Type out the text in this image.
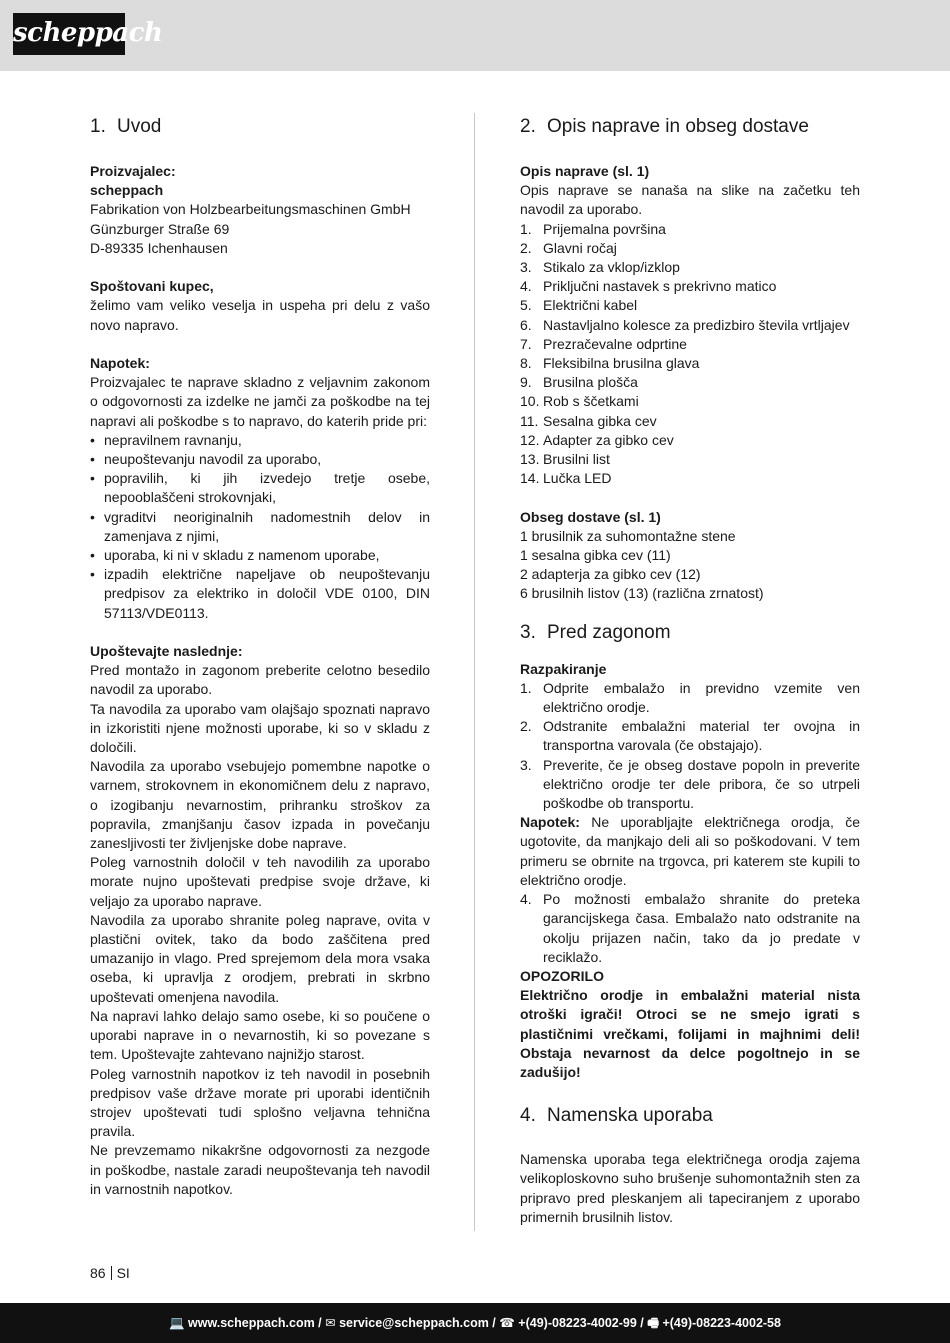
scheppach
1. Uvod

Proizvajalec:

scheppach

Fabrikation von Holzbearbeitungsmaschinen GmbH

Günzburger Straße 69

D-89335 Ichenhausen

Spoštovani kupec,

želimo vam veliko veselja in uspeha pri delu z vašo novo napravo.

Napotek:

Proizvajalec te naprave skladno z veljavnim zakonom o odgovornosti za izdelke ne jamči za poškodbe na tej napravi ali poškodbe s to napravo, do katerih pride pri:

• nepravilnem ravnanju,
• neupoštevanju navodil za uporabo,
• popravilih, ki jih izvedejo tretje osebe, nepooblaščeni strokovnjaki,
• vgraditvi neoriginalnih nadomestnih delov in zamenjava z njimi,
• uporaba, ki ni v skladu z namenom uporabe,
• izpadih električne napeljave ob neupoštevanju predpisov za elektriko in določil VDE 0100, DIN 57113/VDE0113.

Upoštevajte naslednje:

Pred montažo in zagonom preberite celotno besedilo navodil za uporabo.

Ta navodila za uporabo vam olajšajo spoznati napravo in izkoristiti njene možnosti uporabe, ki so v skladu z določili.

Navodila za uporabo vsebujejo pomembne napotke o varnem, strokovnem in ekonomičnem delu z napravo, o izogibanju nevarnostim, prihranku stroškov za popravila, zmanjšanju časov izpada in povečanju zanesljivosti ter življenjske dobe naprave.

Poleg varnostnih določil v teh navodilih za uporabo morate nujno upoštevati predpise svoje države, ki veljajo za uporabo naprave.

Navodila za uporabo shranite poleg naprave, ovita v plastični ovitek, tako da bodo zaščitena pred umazanijo in vlago. Pred sprejemom dela mora vsaka oseba, ki upravlja z orodjem, prebrati in skrbno upoštevati omenjena navodila.

Na napravi lahko delajo samo osebe, ki so poučene o uporabi naprave in o nevarnostih, ki so povezane s tem. Upoštevajte zahtevano najnižjo starost.

Poleg varnostnih napotkov iz teh navodil in posebnih predpisov vaše države morate pri uporabi identičnih strojev upoštevati tudi splošno veljavna tehnična pravila.

Ne prevzemamo nikakršne odgovornosti za nezgode in poškodbe, nastale zaradi neupoštevanja teh navodil in varnostnih napotkov.

2. Opis naprave in obseg dostave

Opis naprave (sl. 1)

Opis naprave se nanaša na slike na začetku teh navodil za uporabo.

1. Prijemalna površina
2. Glavni ročaj
3. Stikalo za vklop/izklop
4. Priključni nastavek s prekrivno matico
5. Električni kabel
6. Nastavljalno kolesce za predizbiro števila vrtljajev
7. Prezračevalne odprtine
8. Fleksibilna brusilna glava
9. Brusilna plošča
10. Rob s ščetkami
11. Sesalna gibka cev
12. Adapter za gibko cev
13. Brusilni list
14. Lučka LED

Obseg dostave (sl. 1)

1 brusilnik za suhomontažne stene

1 sesalna gibka cev (11)

2 adapterja za gibko cev (12)

6 brusilnih listov (13) (različna zrnatost)

3. Pred zagonom

Razpakiranje

1. Odprite embalažo in previdno vzemite ven električno orodje.
2. Odstranite embalažni material ter ovojna in transportna varovala (če obstajajo).
3. Preverite, če je obseg dostave popoln in preverite električno orodje ter dele pribora, če so utrpeli poškodbe ob transportu.

Napotek: Ne uporabljajte električnega orodja, če ugotovite, da manjkajo deli ali so poškodovani. V tem primeru se obrnite na trgovca, pri katerem ste kupili to električno orodje.

4. Po možnosti embalažo shranite do preteka garancijskega časa. Embalažo nato odstranite na okolju prijazen način, tako da jo predate v reciklažo.

OPOZORILO

Električno orodje in embalažni material nista otroški igrači! Otroci se ne smejo igrati s plastičnimi vrečkami, folijami in majhnimi deli! Obstaja nevarnost da delce pogoltnejo in se zadušijo!

4. Namenska uporaba

Namenska uporaba tega električnega orodja zajema velikoploskovno suho brušenje suhomontažnih sten za pripravo pred pleskanjem ali tapeciranjem z uporabo primernih brusilnih listov.

86 SI
💻 www.scheppach.com / ✉ service@scheppach.com / ☎ +(49)-08223-4002-99 / 🖷 +(49)-08223-4002-58
